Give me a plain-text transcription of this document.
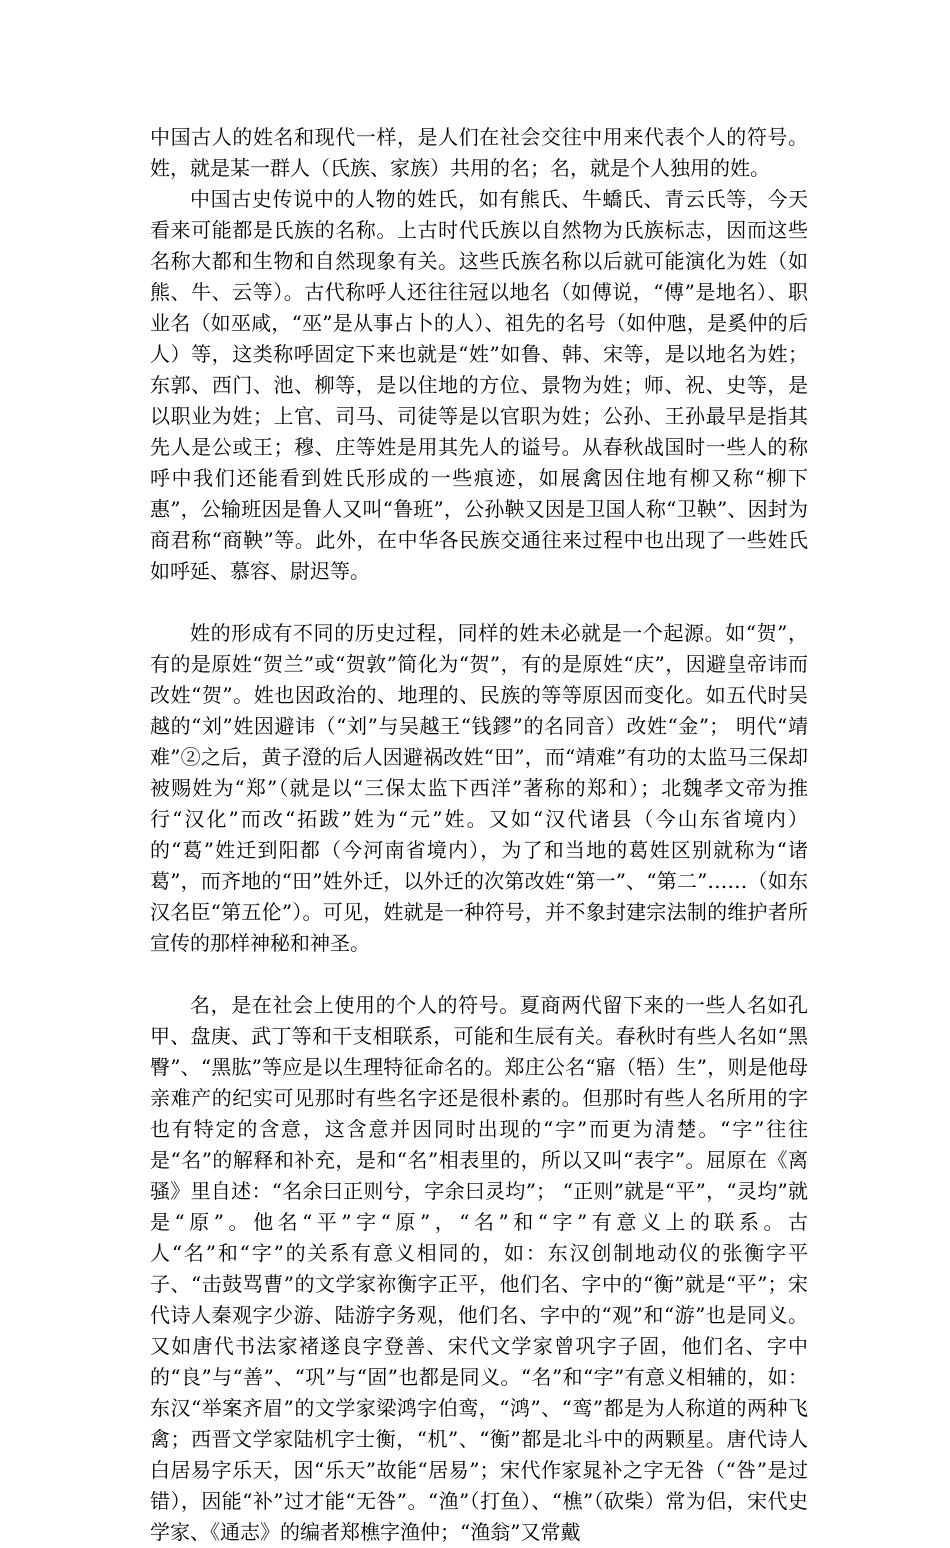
中国古人的姓名和现代一样，是人们在社会交往中用来代表个人的符号。姓，就是某一群人（氏族、家族）共用的名；名，就是个人独用的姓。

中国古史传说中的人物的姓氏，如有熊氏、牛蟜氏、青云氏等，今天看来可能都是氏族的名称。上古时代氏族以自然物为氏族标志，因而这些名称大都和生物和自然现象有关。这些氏族名称以后就可能演化为姓（如熊、牛、云等）。古代称呼人还往往冠以地名（如傅说，“傅”是地名）、职业名（如巫咸，“巫”是从事占卜的人）、祖先的名号（如仲虺，是奚仲的后人）等，这类称呼固定下来也就是“姓”如鲁、韩、宋等，是以地名为姓；东郭、西门、池、柳等，是以住地的方位、景物为姓；师、祝、史等，是以职业为姓；上官、司马、司徒等是以官职为姓；公孙、王孙最早是指其先人是公或王；穆、庄等姓是用其先人的谥号。从春秋战国时一些人的称呼中我们还能看到姓氏形成的一些痕迹，如展禽因住地有柳又称“柳下惠”，公输班因是鲁人又叫“鲁班”，公孙鞅又因是卫国人称“卫鞅”、因封为商君称“商鞅”等。此外，在中华各民族交通往来过程中也出现了一些姓氏如呼延、慕容、尉迟等。

姓的形成有不同的历史过程，同样的姓未必就是一个起源。如“贺”，有的是原姓“贺兰”或“贺敦”简化为“贺”，有的是原姓“庆”，因避皇帝讳而改姓“贺”。姓也因政治的、地理的、民族的等等原因而变化。如五代时吴越的“刘”姓因避讳（“刘”与吴越王“钱鏐”的名同音）改姓“金”； 明代“靖难”②之后，黄子澄的后人因避祸改姓“田”，而“靖难”有功的太监马三保却被赐姓为“郑”（就是以“三保太监下西洋”著称的郑和）；北魏孝文帝为推行“汉化”而改“拓跋”姓为“元”姓。又如“汉代诸县（今山东省境内）的“葛”姓迁到阳都（今河南省境内），为了和当地的葛姓区别就称为“诸葛”，而齐地的“田”姓外迁，以外迁的次第改姓“第一”、“第二”……（如东汉名臣“第五伦”）。可见，姓就是一种符号，并不象封建宗法制的维护者所宣传的那样神秘和神圣。

名，是在社会上使用的个人的符号。夏商两代留下来的一些人名如孔甲、盘庚、武丁等和干支相联系，可能和生辰有关。春秋时有些人名如“黑臀”、“黑肱”等应是以生理特征命名的。郑庄公名“寤（牾）生”，则是他母亲难产的纪实可见那时有些名字还是很朴素的。但那时有些人名所用的字也有特定的含意，这含意并因同时出现的“字”而更为清楚。“字”往往是“名”的解释和补充，是和“名”相表里的，所以又叫“表字”。屈原在《离骚》里自述：“名余曰正则兮，字余曰灵均”； “正则”就是“平”，“灵均”就是“原”。他名“平”字“原”，“名”和“字”有意义上的联系。古人“名”和“字”的关系有意义相同的，如：东汉创制地动仪的张衡字平子、“击鼓骂曹”的文学家祢衡字正平，他们名、字中的“衡”就是“平”；宋代诗人秦观字少游、陆游字务观，他们名、字中的“观”和“游”也是同义。又如唐代书法家褚遂良字登善、宋代文学家曾巩字子固，他们名、字中的“良”与“善”、“巩”与“固”也都是同义。“名”和“字”有意义相辅的，如：东汉“举案齐眉”的文学家梁鸿字伯鸾，“鸿”、“鸾”都是为人称道的两种飞禽；西晋文学家陆机字士衡，“机”、“衡”都是北斗中的两颗星。唐代诗人白居易字乐天，因“乐天”故能“居易”；宋代作家晁补之字无咎（“咎”是过错），因能“补”过才能“无咎”。“渔”（打鱼）、“樵”（砍柴）常为侣，宋代史学家、《通志》的编者郑樵字渔仲；“渔翁”又常戴
